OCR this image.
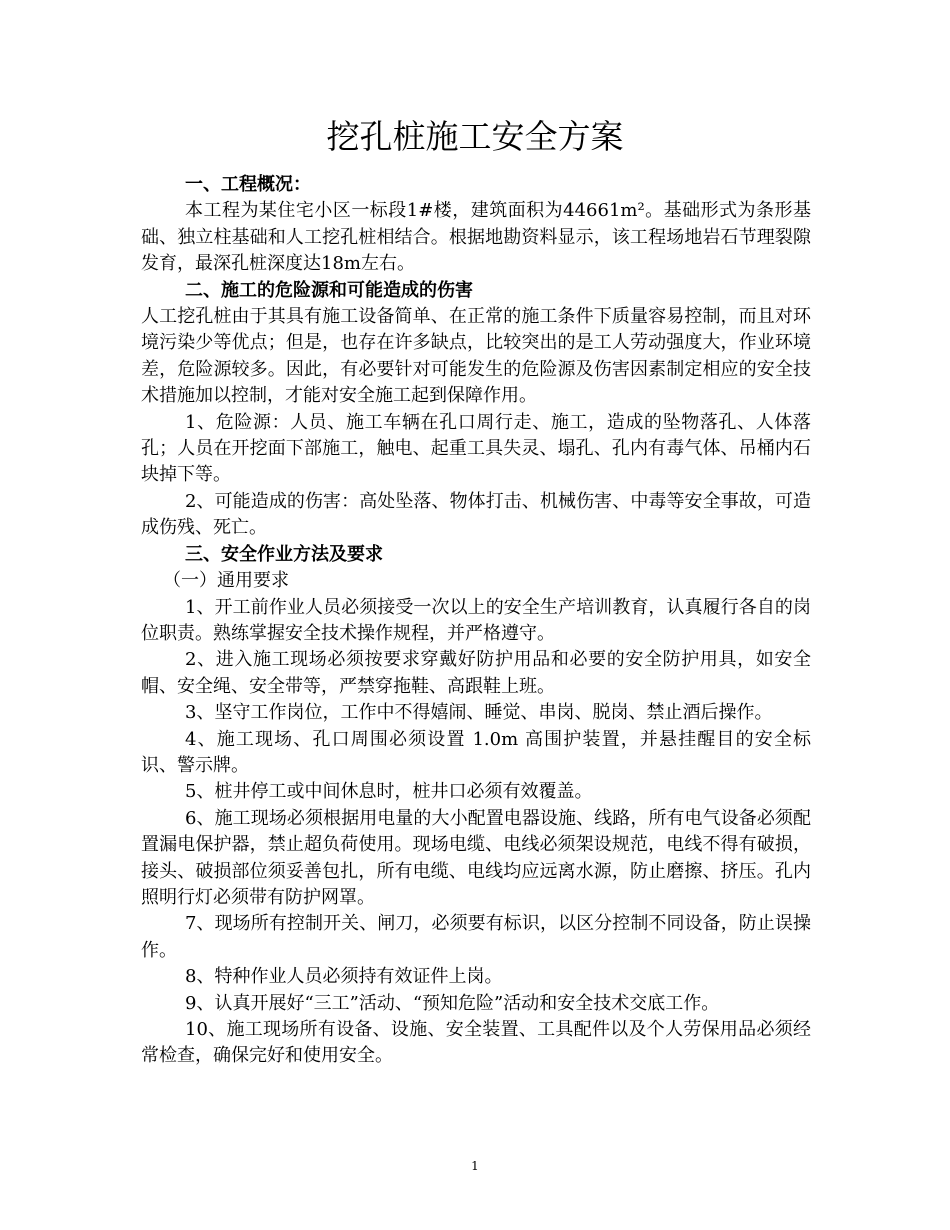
挖孔桩施工安全方案

一、工程概况：

本工程为某住宅小区一标段1#楼，建筑面积为44661m²。基础形式为条形基础、独立柱基础和人工挖孔桩相结合。根据地勘资料显示，该工程场地岩石节理裂隙发育，最深孔桩深度达18m左右。

二、施工的危险源和可能造成的伤害

人工挖孔桩由于其具有施工设备简单、在正常的施工条件下质量容易控制，而且对环境污染少等优点；但是，也存在许多缺点，比较突出的是工人劳动强度大，作业环境差，危险源较多。因此，有必要针对可能发生的危险源及伤害因素制定相应的安全技术措施加以控制，才能对安全施工起到保障作用。

1、危险源：人员、施工车辆在孔口周行走、施工，造成的坠物落孔、人体落孔；人员在开挖面下部施工，触电、起重工具失灵、塌孔、孔内有毒气体、吊桶内石块掉下等。

2、可能造成的伤害：高处坠落、物体打击、机械伤害、中毒等安全事故，可造成伤残、死亡。

三、安全作业方法及要求

（一）通用要求

1、开工前作业人员必须接受一次以上的安全生产培训教育，认真履行各自的岗位职责。熟练掌握安全技术操作规程，并严格遵守。

2、进入施工现场必须按要求穿戴好防护用品和必要的安全防护用具，如安全帽、安全绳、安全带等，严禁穿拖鞋、高跟鞋上班。

3、坚守工作岗位，工作中不得嬉闹、睡觉、串岗、脱岗、禁止酒后操作。

4、施工现场、孔口周围必须设置 1.0m 高围护装置，并悬挂醒目的安全标识、警示牌。

5、桩井停工或中间休息时，桩井口必须有效覆盖。

6、施工现场必须根据用电量的大小配置电器设施、线路，所有电气设备必须配置漏电保护器，禁止超负荷使用。现场电缆、电线必须架设规范，电线不得有破损，接头、破损部位须妥善包扎，所有电缆、电线均应远离水源，防止磨擦、挤压。孔内照明行灯必须带有防护网罩。

7、现场所有控制开关、闸刀，必须要有标识，以区分控制不同设备，防止误操作。

8、特种作业人员必须持有效证件上岗。

9、认真开展好“三工”活动、“预知危险”活动和安全技术交底工作。

10、施工现场所有设备、设施、安全装置、工具配件以及个人劳保用品必须经常检查，确保完好和使用安全。

1
